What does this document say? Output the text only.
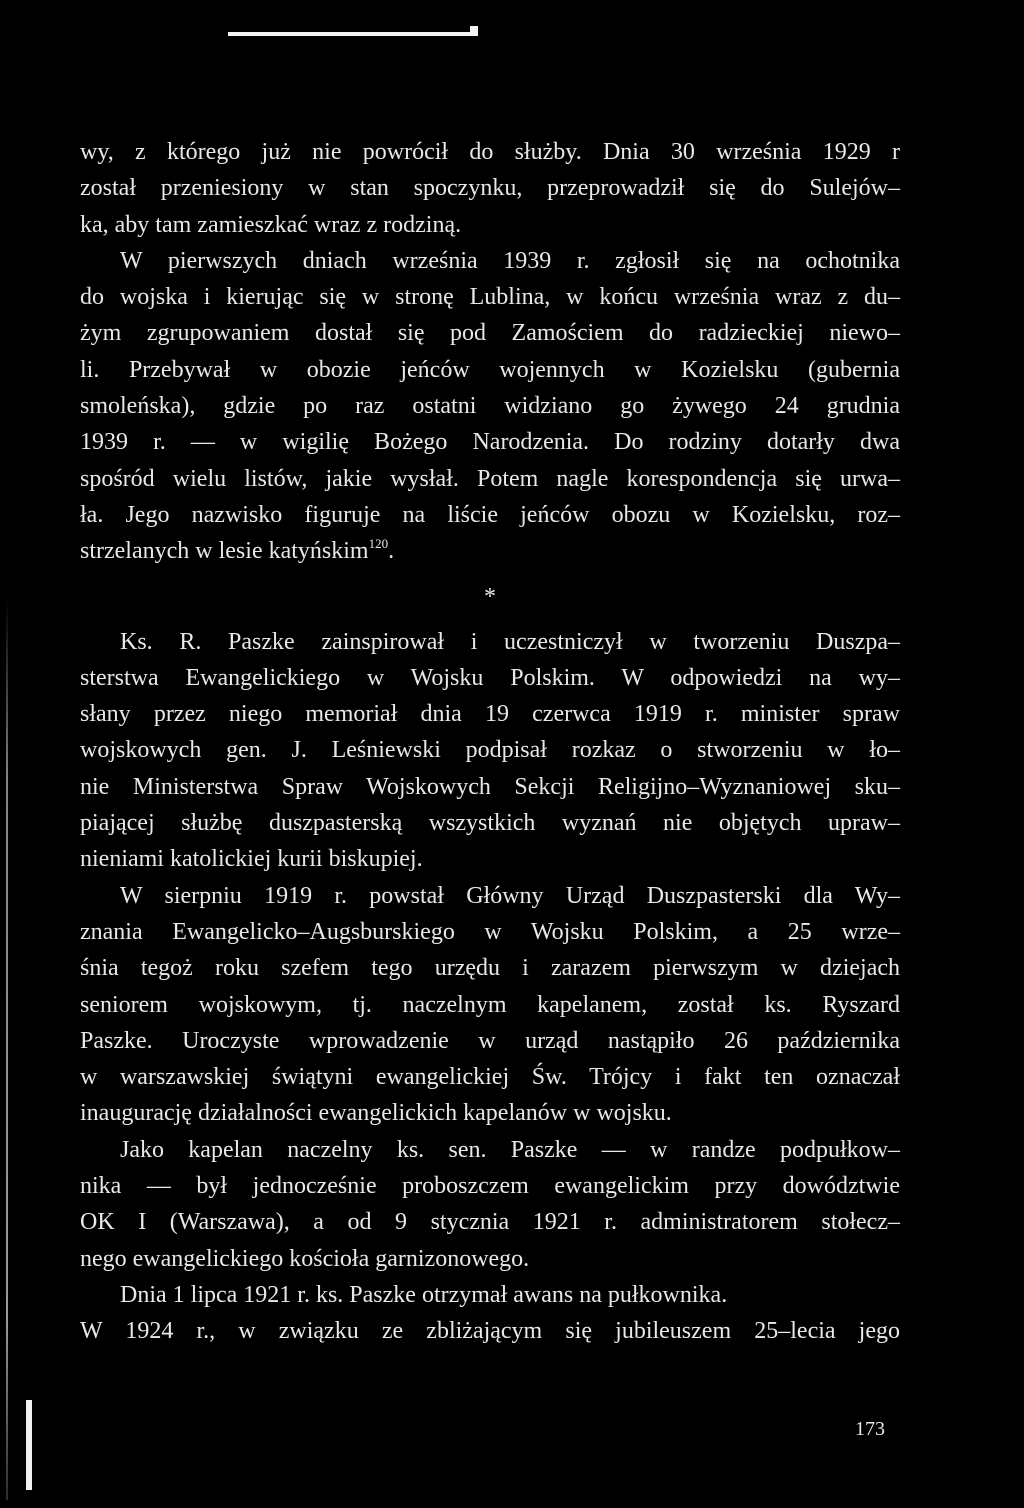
wy, z którego już nie powrócił do służby. Dnia 30 września 1929 r
został przeniesiony w stan spoczynku, przeprowadził się do Sulejów–
ka, aby tam zamieszkać wraz z rodziną.
W pierwszych dniach września 1939 r. zgłosił się na ochotnika
do wojska i kierując się w stronę Lublina, w końcu września wraz z du–
żym zgrupowaniem dostał się pod Zamościem do radzieckiej niewo–
li. Przebywał w obozie jeńców wojennych w Kozielsku (gubernia
smoleńska), gdzie po raz ostatni widziano go żywego 24 grudnia
1939 r. — w wigilię Bożego Narodzenia. Do rodziny dotarły dwa
spośród wielu listów, jakie wysłał. Potem nagle korespondencja się urwa–
ła. Jego nazwisko figuruje na liście jeńców obozu w Kozielsku, roz–
strzelanych w lesie katyńskim$^{120}$.
*
Ks. R. Paszke zainspirował i uczestniczył w tworzeniu Duszpa–
sterstwa Ewangelickiego w Wojsku Polskim. W odpowiedzi na wy–
słany przez niego memoriał dnia 19 czerwca 1919 r. minister spraw
wojskowych gen. J. Leśniewski podpisał rozkaz o stworzeniu w ło–
nie Ministerstwa Spraw Wojskowych Sekcji Religijno–Wyznaniowej sku–
piającej służbę duszpasterską wszystkich wyznań nie objętych upraw–
nieniami katolickiej kurii biskupiej.
W sierpniu 1919 r. powstał Główny Urząd Duszpasterski dla Wy–
znania Ewangelicko–Augsburskiego w Wojsku Polskim, a 25 wrze–
śnia tegoż roku szefem tego urzędu i zarazem pierwszym w dziejach
seniorem wojskowym, tj. naczelnym kapelanem, został ks. Ryszard
Paszke. Uroczyste wprowadzenie w urząd nastąpiło 26 października
w warszawskiej świątyni ewangelickiej Św. Trójcy i fakt ten oznaczał
inaugurację działalności ewangelickich kapelanów w wojsku.
Jako kapelan naczelny ks. sen. Paszke — w randze podpułkow–
nika — był jednocześnie proboszczem ewangelickim przy dowództwie
OK I (Warszawa), a od 9 stycznia 1921 r. administratorem stołecz–
nego ewangelickiego kościoła garnizonowego.
Dnia 1 lipca 1921 r. ks. Paszke otrzymał awans na pułkownika.
W 1924 r., w związku ze zbliżającym się jubileuszem 25–lecia jego
173
